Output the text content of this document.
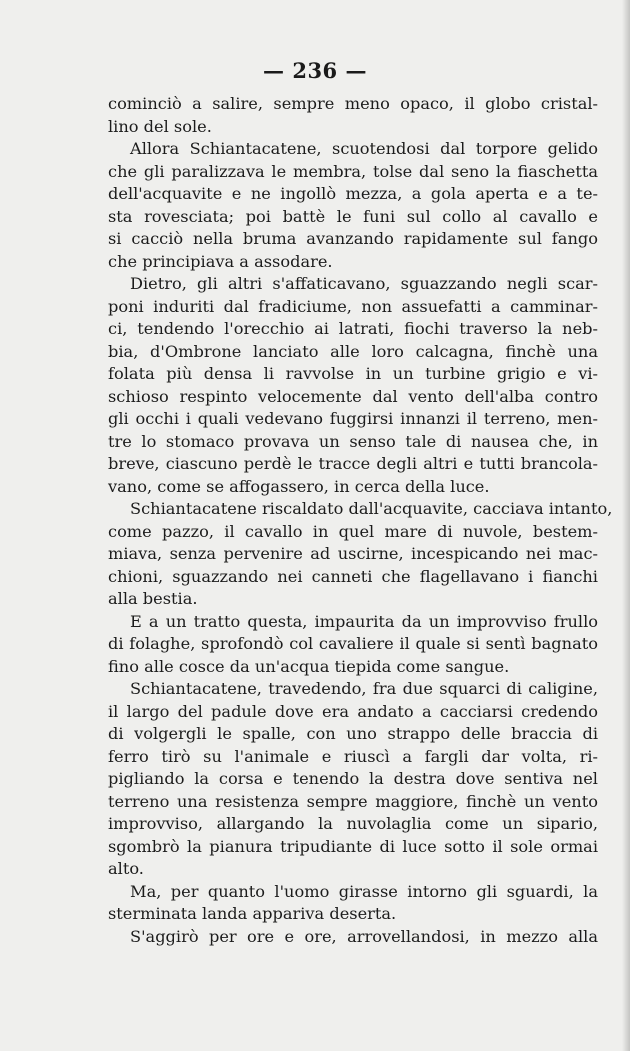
— 236 —
cominciò a salire, sempre meno opaco, il globo cristal-
lino del sole.
Allora Schiantacatene, scuotendosi dal torpore gelido
che gli paralizzava le membra, tolse dal seno la fiaschetta
dell'acquavite e ne ingollò mezza, a gola aperta e a te-
sta rovesciata; poi battè le funi sul collo al cavallo e
si cacciò nella bruma avanzando rapidamente sul fango
che principiava a assodare.
Dietro, gli altri s'affaticavano, sguazzando negli scar-
poni induriti dal fradiciume, non assuefatti a camminar-
ci, tendendo l'orecchio ai latrati, fiochi traverso la neb-
bia, d'Ombrone lanciato alle loro calcagna, finchè una
folata più densa li ravvolse in un turbine grigio e vi-
schioso respinto velocemente dal vento dell'alba contro
gli occhi i quali vedevano fuggirsi innanzi il terreno, men-
tre lo stomaco provava un senso tale di nausea che, in
breve, ciascuno perdè le tracce degli altri e tutti brancola-
vano, come se affogassero, in cerca della luce.
Schiantacatene riscaldato dall'acquavite, cacciava intanto,
come pazzo, il cavallo in quel mare di nuvole, bestem-
miava, senza pervenire ad uscirne, incespicando nei mac-
chioni, sguazzando nei canneti che flagellavano i fianchi
alla bestia.
E a un tratto questa, impaurita da un improvviso frullo
di folaghe, sprofondò col cavaliere il quale si sentì bagnato
fino alle cosce da un'acqua tiepida come sangue.
Schiantacatene, travedendo, fra due squarci di caligine,
il largo del padule dove era andato a cacciarsi credendo
di volgergli le spalle, con uno strappo delle braccia di
ferro tirò su l'animale e riuscì a fargli dar volta, ri-
pigliando la corsa e tenendo la destra dove sentiva nel
terreno una resistenza sempre maggiore, finchè un vento
improvviso, allargando la nuvolaglia come un sipario,
sgombrò la pianura tripudiante di luce sotto il sole ormai
alto.
Ma, per quanto l'uomo girasse intorno gli sguardi, la
sterminata landa appariva deserta.
S'aggirò per ore e ore, arrovellandosi, in mezzo alla
